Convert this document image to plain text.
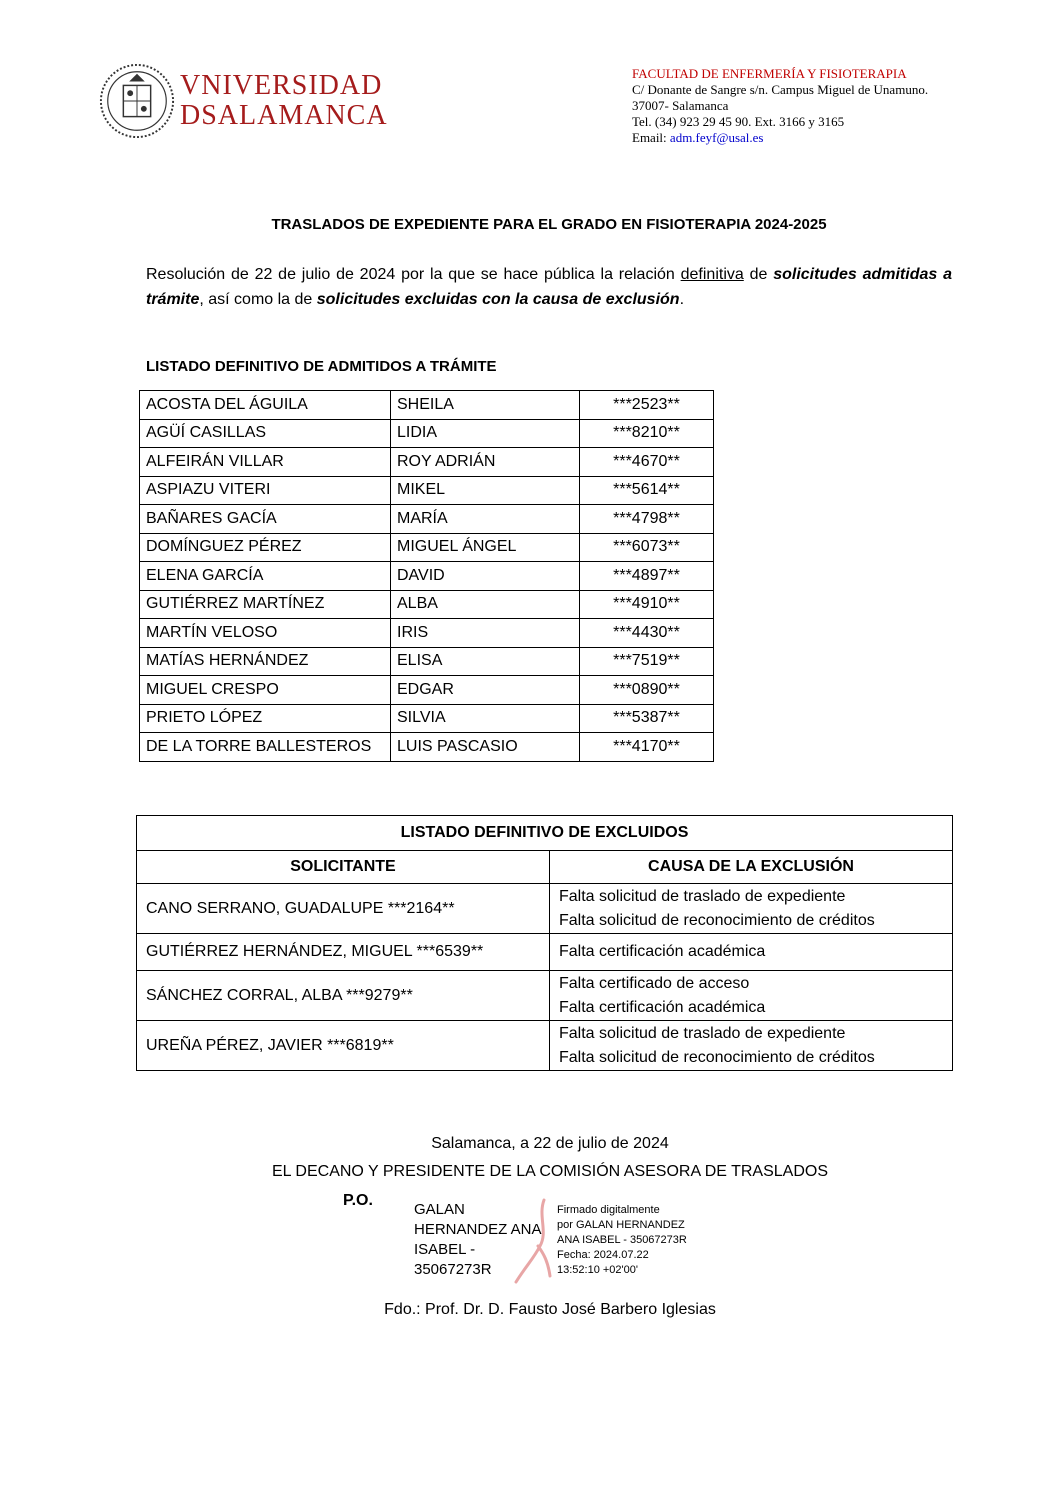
VNIVERSIDAD
DSALAMANCA
FACULTAD DE ENFERMERÍA Y FISIOTERAPIA
C/ Donante de Sangre s/n. Campus Miguel de Unamuno.
37007- Salamanca
Tel. (34) 923 29 45 90. Ext. 3166 y 3165
Email: adm.feyf@usal.es
TRASLADOS DE EXPEDIENTE PARA EL GRADO EN FISIOTERAPIA 2024-2025
Resolución de 22 de julio de 2024 por la que se hace pública la relación definitiva de solicitudes admitidas a trámite, así como la de solicitudes excluidas con la causa de exclusión.
LISTADO DEFINITIVO DE ADMITIDOS A TRÁMITE
ACOSTA DEL ÁGUILA	SHEILA	***2523**
AGÜÍ CASILLAS	LIDIA	***8210**
ALFEIRÁN VILLAR	ROY ADRIÁN	***4670**
ASPIAZU VITERI	MIKEL	***5614**
BAÑARES GACÍA	MARÍA	***4798**
DOMÍNGUEZ PÉREZ	MIGUEL ÁNGEL	***6073**
ELENA GARCÍA	DAVID	***4897**
GUTIÉRREZ MARTÍNEZ	ALBA	***4910**
MARTÍN VELOSO	IRIS	***4430**
MATÍAS HERNÁNDEZ	ELISA	***7519**
MIGUEL CRESPO	EDGAR	***0890**
PRIETO LÓPEZ	SILVIA	***5387**
DE LA TORRE BALLESTEROS	LUIS PASCASIO	***4170**
LISTADO DEFINITIVO DE EXCLUIDOS	
SOLICITANTE	CAUSA DE LA EXCLUSIÓN
CANO SERRANO, GUADALUPE ***2164**	Falta solicitud de traslado de expediente
Falta solicitud de reconocimiento de créditos

GUTIÉRREZ HERNÁNDEZ, MIGUEL ***6539**	Falta certificación académica

SÁNCHEZ CORRAL, ALBA ***9279**	Falta certificado de acceso
Falta certificación académica

UREÑA PÉREZ, JAVIER ***6819**	Falta solicitud de traslado de expediente
Falta solicitud de reconocimiento de créditos
Salamanca, a 22 de julio de 2024
EL DECANO Y PRESIDENTE DE LA COMISIÓN ASESORA DE TRASLADOS
P.O.
GALAN
HERNANDEZ ANA
ISABEL -
35067273R
Firmado digitalmente
por GALAN HERNANDEZ
ANA ISABEL - 35067273R
Fecha: 2024.07.22
13:52:10 +02'00'
Fdo.: Prof. Dr. D. Fausto José Barbero Iglesias
